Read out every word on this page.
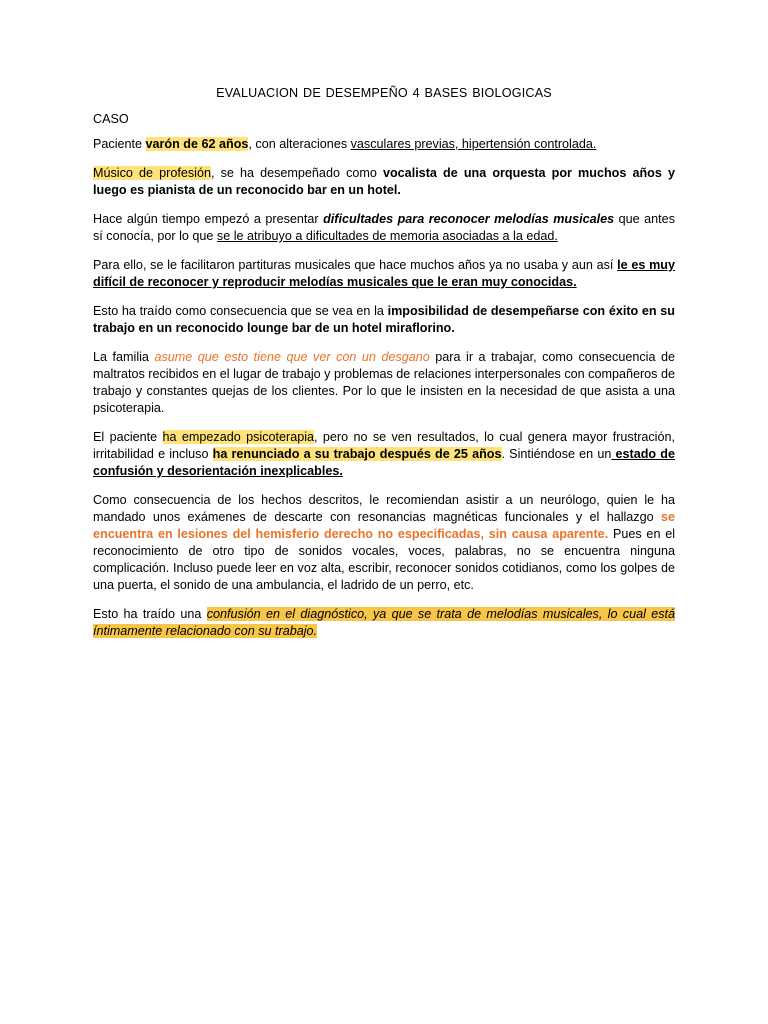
EVALUACION DE DESEMPEÑO 4 BASES BIOLOGICAS
CASO

Paciente varón de 62 años, con alteraciones vasculares previas, hipertensión controlada.

Músico de profesión, se ha desempeñado como vocalista de una orquesta por muchos años y luego es pianista de un reconocido bar en un hotel.

Hace algún tiempo empezó a presentar dificultades para reconocer melodías musicales que antes sí conocía, por lo que se le atribuyo a dificultades de memoria asociadas a la edad.

Para ello, se le facilitaron partituras musicales que hace muchos años ya no usaba y aun así le es muy difícil de reconocer y reproducir melodías musicales que le eran muy conocidas.

Esto ha traído como consecuencia que se vea en la imposibilidad de desempeñarse con éxito en su trabajo en un reconocido lounge bar de un hotel miraflorino.

La familia asume que esto tiene que ver con un desgano para ir a trabajar, como consecuencia de maltratos recibidos en el lugar de trabajo y problemas de relaciones interpersonales con compañeros de trabajo y constantes quejas de los clientes. Por lo que le insisten en la necesidad de que asista a una psicoterapia.

El paciente ha empezado psicoterapia, pero no se ven resultados, lo cual genera mayor frustración, irritabilidad e incluso ha renunciado a su trabajo después de 25 años. Sintiéndose en un estado de confusión y desorientación inexplicables.

Como consecuencia de los hechos descritos, le recomiendan asistir a un neurólogo, quien le ha mandado unos exámenes de descarte con resonancias magnéticas funcionales y el hallazgo se encuentra en lesiones del hemisferio derecho no especificadas, sin causa aparente. Pues en el reconocimiento de otro tipo de sonidos vocales, voces, palabras, no se encuentra ninguna complicación. Incluso puede leer en voz alta, escribir, reconocer sonidos cotidianos, como los golpes de una puerta, el sonido de una ambulancia, el ladrido de un perro, etc.

Esto ha traído una confusión en el diagnóstico, ya que se trata de melodías musicales, lo cual está íntimamente relacionado con su trabajo.
